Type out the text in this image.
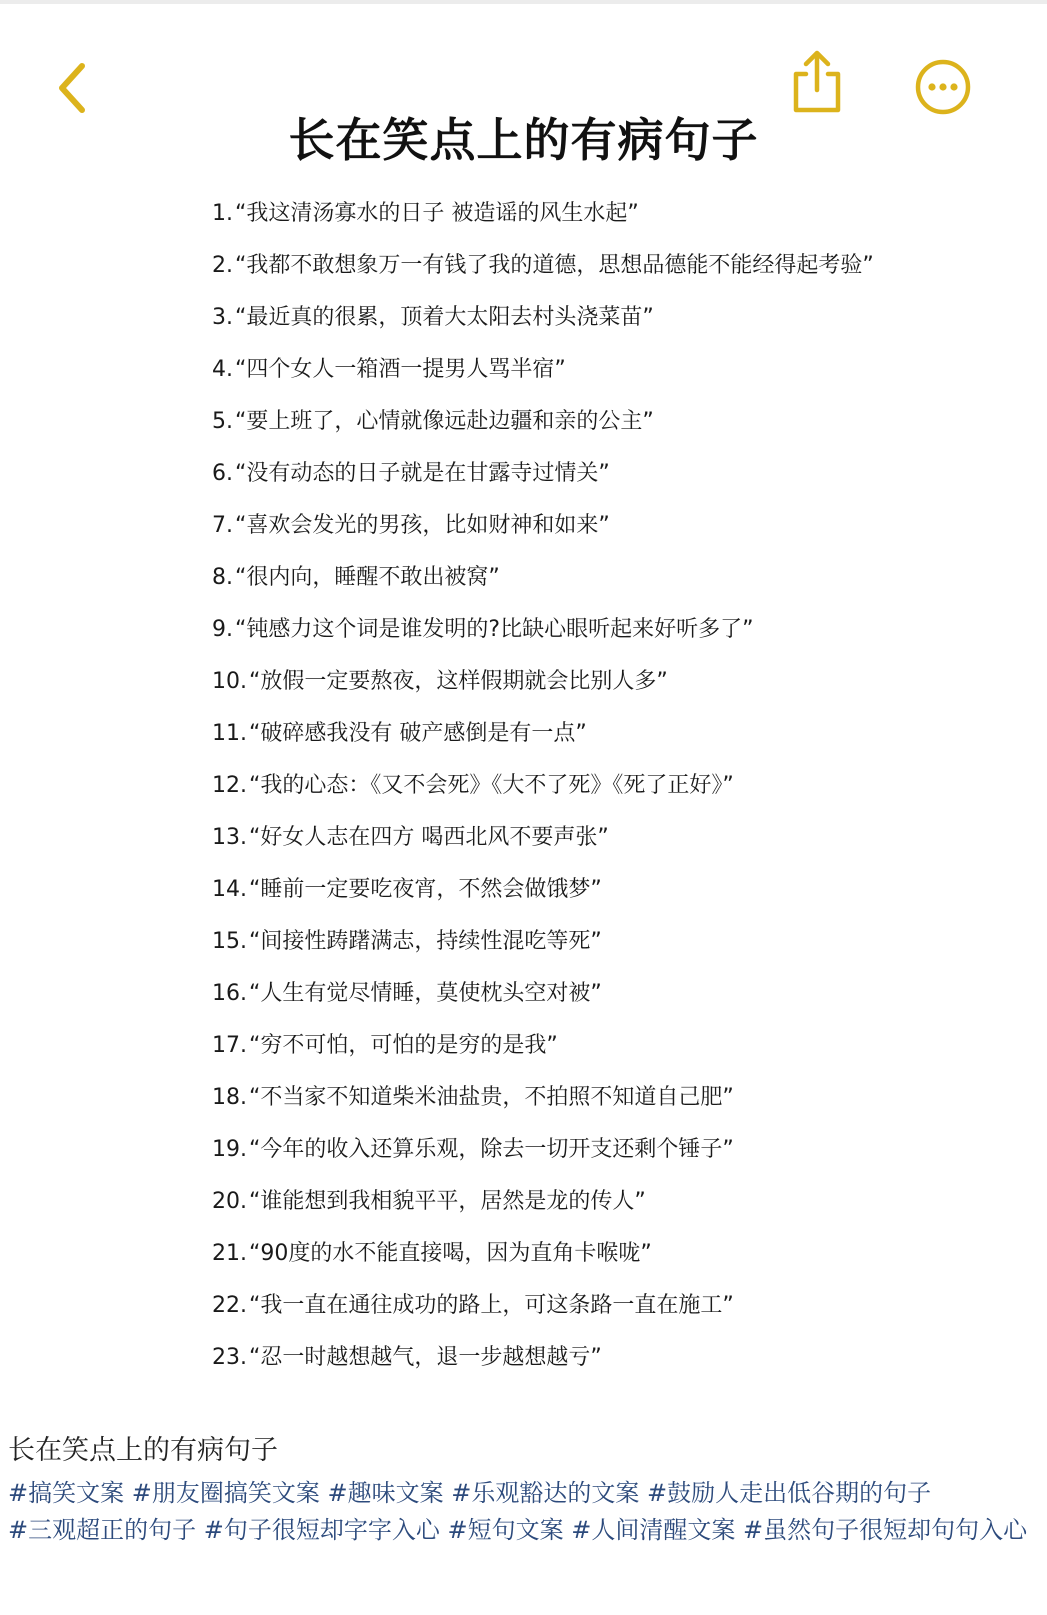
长在笑点上的有病句子
1.“我这清汤寡水的日子 被造谣的风生水起”
2.“我都不敢想象万一有钱了我的道德，思想品德能不能经得起考验”
3.“最近真的很累，顶着大太阳去村头浇菜苗”
4.“四个女人一箱酒一提男人骂半宿”
5.“要上班了，心情就像远赴边疆和亲的公主”
6.“没有动态的日子就是在甘露寺过情关”
7.“喜欢会发光的男孩，比如财神和如来”
8.“很内向，睡醒不敢出被窝”
9.“钝感力这个词是谁发明的?比缺心眼听起来好听多了”
10.“放假一定要熬夜，这样假期就会比别人多”
11.“破碎感我没有 破产感倒是有一点”
12.“我的心态：《又不会死》《大不了死》《死了正好》”
13.“好女人志在四方 喝西北风不要声张”
14.“睡前一定要吃夜宵，不然会做饿梦”
15.“间接性踌躇满志，持续性混吃等死”
16.“人生有觉尽情睡，莫使枕头空对被”
17.“穷不可怕，可怕的是穷的是我”
18.“不当家不知道柴米油盐贵，不拍照不知道自己肥”
19.“今年的收入还算乐观，除去一切开支还剩个锤子”
20.“谁能想到我相貌平平，居然是龙的传人”
21.“90度的水不能直接喝，因为直角卡喉咙”
22.“我一直在通往成功的路上，可这条路一直在施工”
23.“忍一时越想越气，退一步越想越亏”
长在笑点上的有病句子
#搞笑文案 #朋友圈搞笑文案 #趣味文案 #乐观豁达的文案 #鼓励人走出低谷期的句子 #三观超正的句子 #句子很短却字字入心 #短句文案 #人间清醒文案 #虽然句子很短却句句入心
